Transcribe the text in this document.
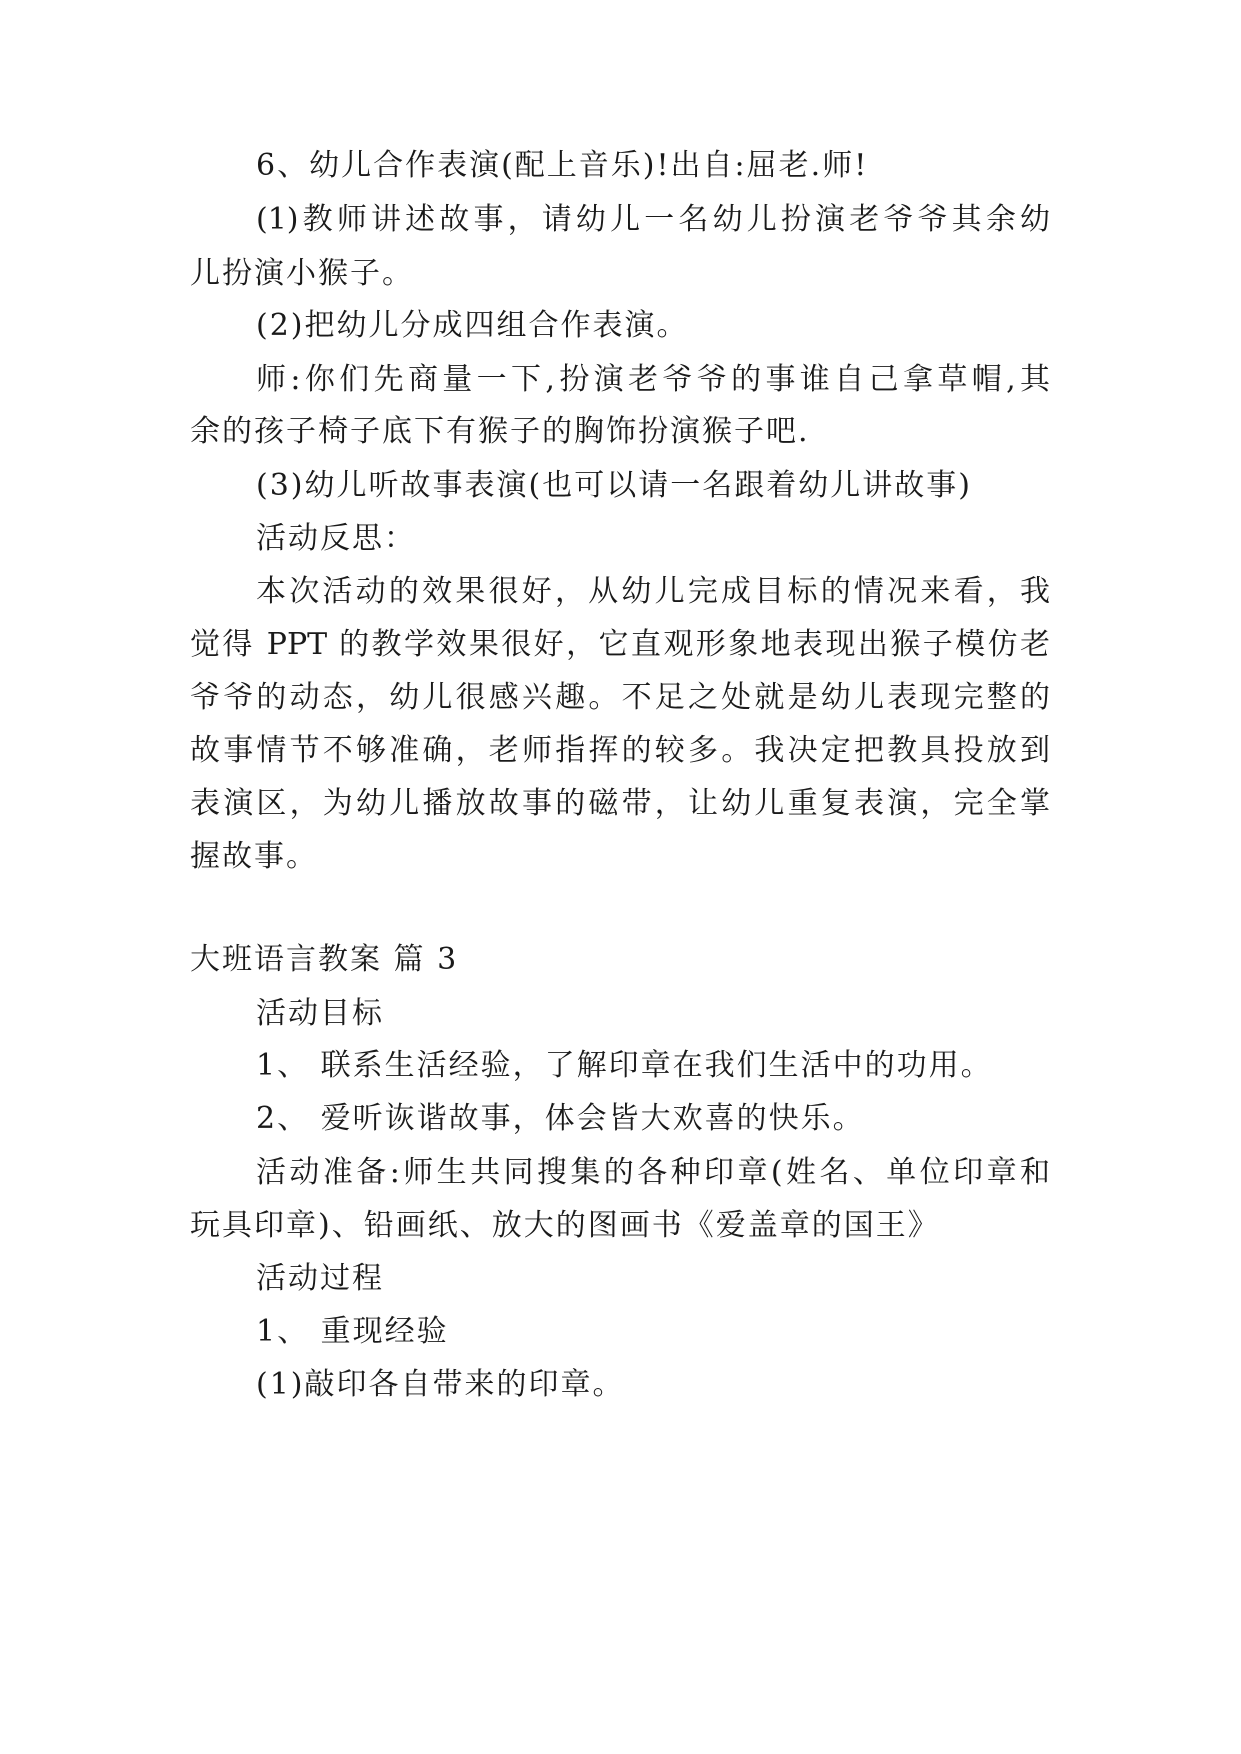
6、幼儿合作表演(配上音乐)!出自:屈老.师!
(1)教师讲述故事，请幼儿一名幼儿扮演老爷爷其余幼
儿扮演小猴子。
(2)把幼儿分成四组合作表演。
师:你们先商量一下,扮演老爷爷的事谁自己拿草帽,其
余的孩子椅子底下有猴子的胸饰扮演猴子吧.
(3)幼儿听故事表演(也可以请一名跟着幼儿讲故事)
活动反思：
本次活动的效果很好，从幼儿完成目标的情况来看，我
觉得 PPT 的教学效果很好，它直观形象地表现出猴子模仿老
爷爷的动态，幼儿很感兴趣。不足之处就是幼儿表现完整的
故事情节不够准确，老师指挥的较多。我决定把教具投放到
表演区，为幼儿播放故事的磁带，让幼儿重复表演，完全掌
握故事。
大班语言教案 篇 3
活动目标
1、 联系生活经验，了解印章在我们生活中的功用。
2、 爱听诙谐故事，体会皆大欢喜的快乐。
活动准备:师生共同搜集的各种印章(姓名、单位印章和
玩具印章)、铅画纸、放大的图画书《爱盖章的国王》
活动过程
1、 重现经验
(1)敲印各自带来的印章。
